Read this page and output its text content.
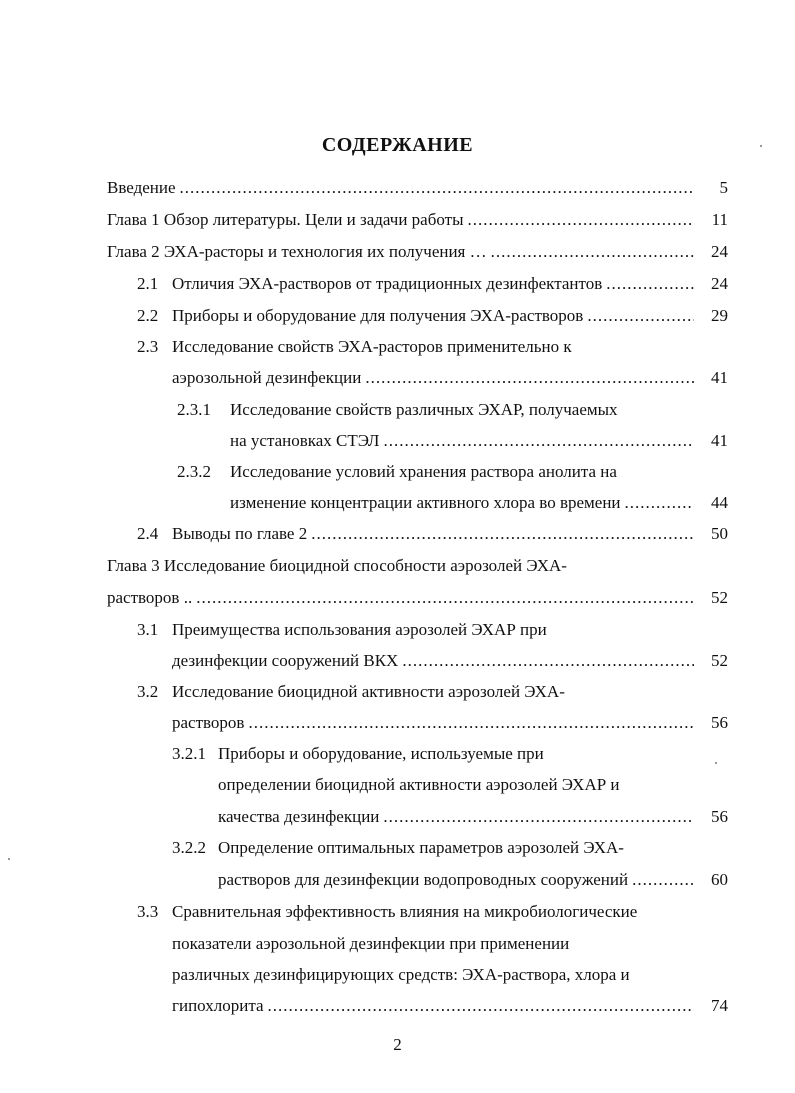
СОДЕРЖАНИЕ
Введение .....	5
Глава 1 Обзор литературы. Цели и задачи работы .....	11
Глава 2 ЭХА-расторы и технология их получения … .....	24
2.1 Отличия ЭХА-растворов от традиционных дезинфектантов .....	24
2.2 Приборы и оборудование для получения ЭХА-растворов .....	29
2.3 Исследование свойств ЭХА-расторов применительно к
аэрозольной дезинфекции .....	41
2.3.1 Исследование свойств различных ЭХАР, получаемых
на установках СТЭЛ .....	41
2.3.2 Исследование условий хранения раствора анолита на
изменение концентрации активного хлора во времени .....	44
2.4 Выводы по главе 2 .....	50
Глава 3 Исследование биоцидной способности аэрозолей ЭХА-
растворов .. .....	52
3.1 Преимущества использования аэрозолей ЭХАР при
дезинфекции сооружений ВКХ .....	52
3.2 Исследование биоцидной активности аэрозолей ЭХА-
растворов .....	56
3.2.1 Приборы и оборудование, используемые при
определении биоцидной активности аэрозолей ЭХАР и
качества дезинфекции .....	56
3.2.2 Определение оптимальных параметров аэрозолей ЭХА-
растворов для дезинфекции водопроводных сооружений .....	60
3.3 Сравнительная эффективность влияния на микробиологические
показатели аэрозольной дезинфекции при применении
различных дезинфицирующих средств: ЭХА-раствора, хлора и
гипохлорита .....	74
2
